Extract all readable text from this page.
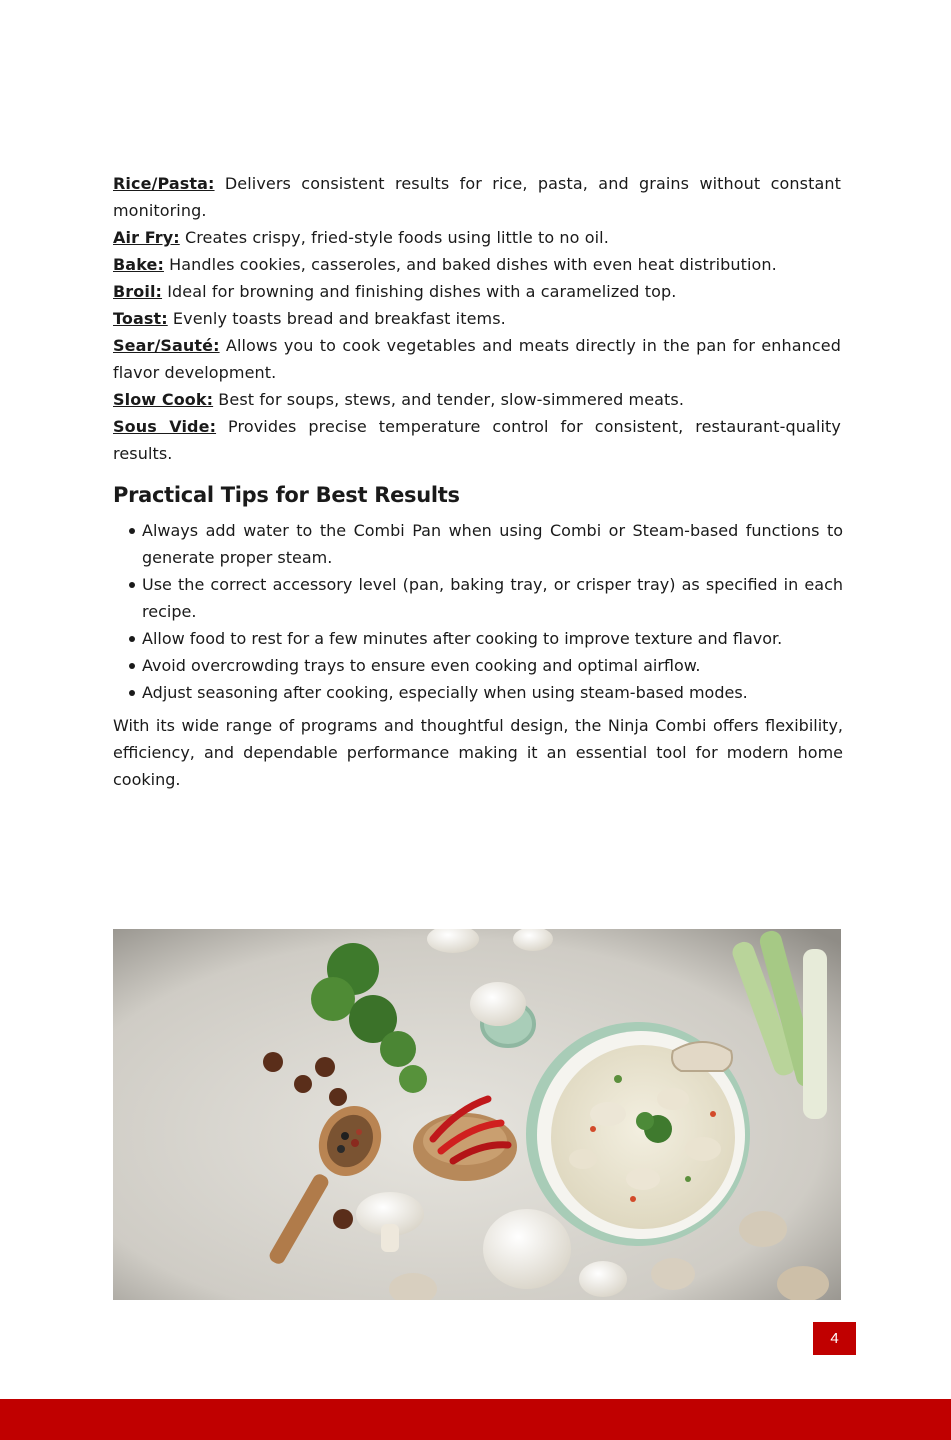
Rice/Pasta: Delivers consistent results for rice, pasta, and grains without constant monitoring.

Air Fry: Creates crispy, fried-style foods using little to no oil.

Bake: Handles cookies, casseroles, and baked dishes with even heat distribution.

Broil: Ideal for browning and finishing dishes with a caramelized top.

Toast: Evenly toasts bread and breakfast items.

Sear/Sauté: Allows you to cook vegetables and meats directly in the pan for enhanced flavor development.

Slow Cook: Best for soups, stews, and tender, slow-simmered meats.

Sous Vide: Provides precise temperature control for consistent, restaurant-quality results.

Practical Tips for Best Results
Always add water to the Combi Pan when using Combi or Steam-based functions to generate proper steam.
Use the correct accessory level (pan, baking tray, or crisper tray) as specified in each recipe.
Allow food to rest for a few minutes after cooking to improve texture and flavor.
Avoid overcrowding trays to ensure even cooking and optimal airflow.
Adjust seasoning after cooking, especially when using steam-based modes.

With its wide range of programs and thoughtful design, the Ninja Combi offers flexibility, efficiency, and dependable performance making it an essential tool for modern home cooking.

4
